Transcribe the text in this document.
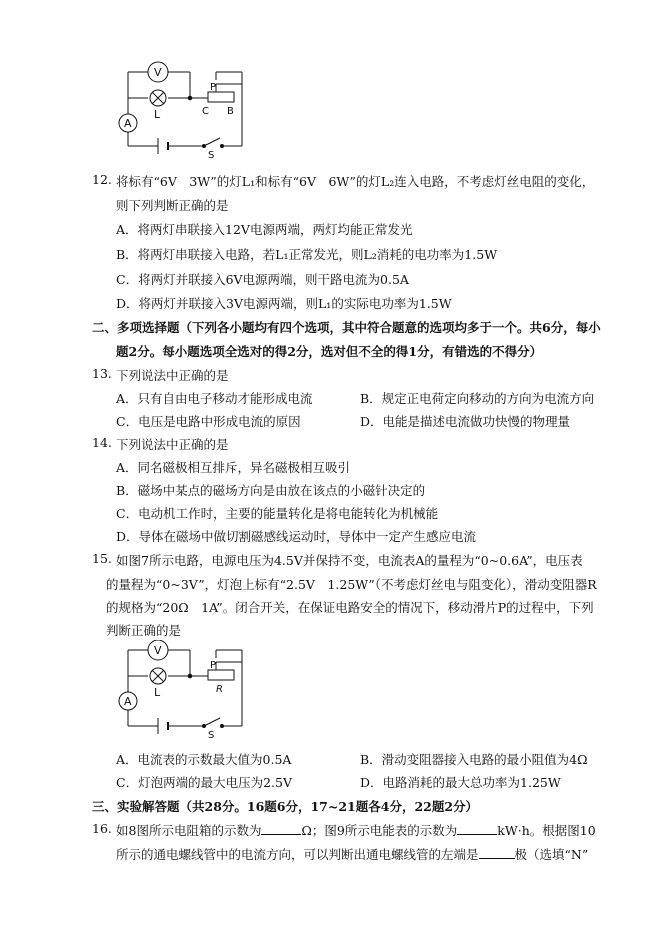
V
A
L
P
C B
S
12. 将标有“6V　3W”的灯L₁和标有“6V　6W”的灯L₂连入电路，不考虑灯丝电阻的变化，
则下列判断正确的是
A．将两灯串联接入12V电源两端，两灯均能正常发光
B．将两灯串联接入电路，若L₁正常发光，则L₂消耗的电功率为1.5W
C．将两灯并联接入6V电源两端，则干路电流为0.5A
D．将两灯并联接入3V电源两端，则L₁的实际电功率为1.5W
二、多项选择题（下列各小题均有四个选项，其中符合题意的选项均多于一个。共6分，每小
题2分。每小题选项全选对的得2分，选对但不全的得1分，有错选的不得分）
13. 下列说法中正确的是
A．只有自由电子移动才能形成电流	B．规定正电荷定向移动的方向为电流方向
C．电压是电路中形成电流的原因	D．电能是描述电流做功快慢的物理量
14. 下列说法中正确的是
A．同名磁极相互排斥，异名磁极相互吸引
B．磁场中某点的磁场方向是由放在该点的小磁针决定的
C．电动机工作时，主要的能量转化是将电能转化为机械能
D．导体在磁场中做切割磁感线运动时，导体中一定产生感应电流
15. 如图7所示电路，电源电压为4.5V并保持不变，电流表A的量程为“0~0.6A”，电压表
的量程为“0~3V”，灯泡上标有“2.5V　1.25W”（不考虑灯丝电与阻变化），滑动变阻器R
的规格为“20Ω　1A”。闭合开关，在保证电路安全的情况下，移动滑片P的过程中，下列
判断正确的是
V
A
L
P
R
S
A．电流表的示数最大值为0.5A	B．滑动变阻器接入电路的最小阻值为4Ω
C．灯泡两端的最大电压为2.5V	D．电路消耗的最大总功率为1.25W
三、实验解答题（共28分。16题6分，17~21题各4分，22题2分）
16. 如8图所示电阻箱的示数为	Ω；图9所示电能表的示数为	kW·h。根据图10
所示的通电螺线管中的电流方向，可以判断出通电螺线管的左端是	极（选填“N”
